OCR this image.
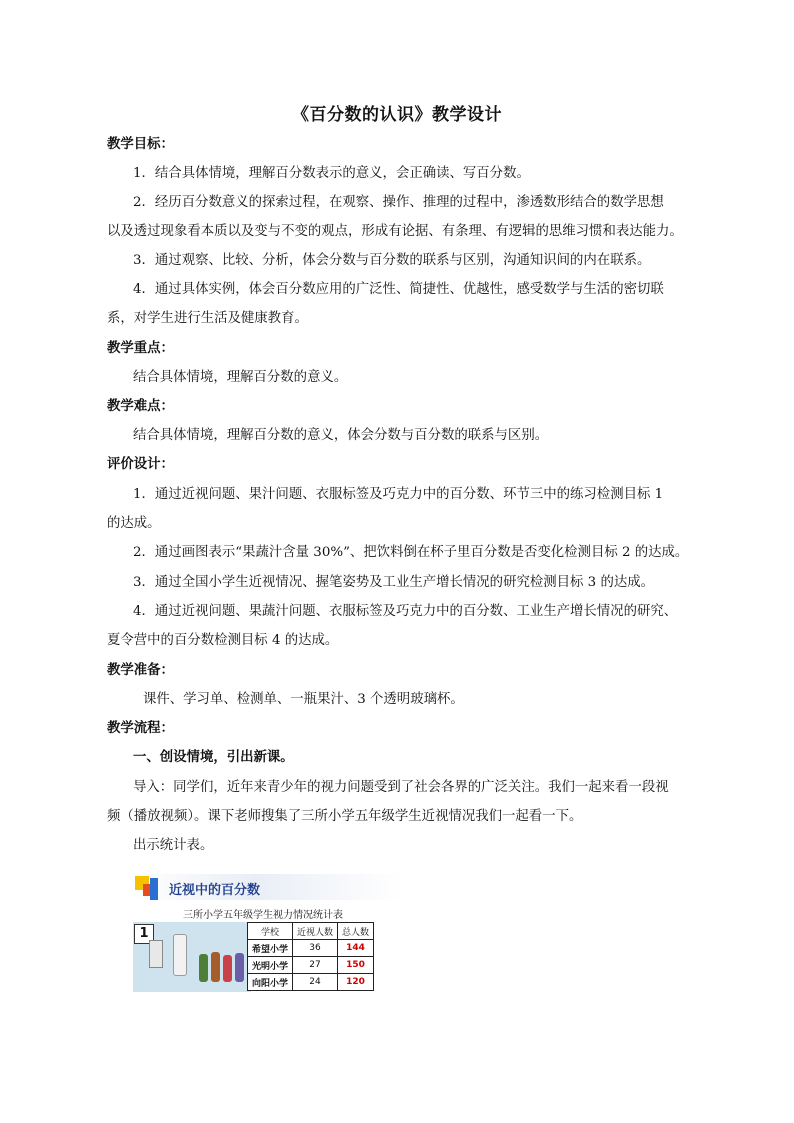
《百分数的认识》教学设计
教学目标：
1．结合具体情境，理解百分数表示的意义，会正确读、写百分数。
2．经历百分数意义的探索过程，在观察、操作、推理的过程中，渗透数形结合的数学思想
以及透过现象看本质以及变与不变的观点，形成有论据、有条理、有逻辑的思维习惯和表达能力。
3．通过观察、比较、分析，体会分数与百分数的联系与区别，沟通知识间的内在联系。
4．通过具体实例，体会百分数应用的广泛性、简捷性、优越性，感受数学与生活的密切联
系，对学生进行生活及健康教育。
教学重点：
结合具体情境，理解百分数的意义。
教学难点：
结合具体情境，理解百分数的意义，体会分数与百分数的联系与区别。
评价设计：
1．通过近视问题、果汁问题、衣服标签及巧克力中的百分数、环节三中的练习检测目标 1
的达成。
2．通过画图表示“果蔬汁含量 30%”、把饮料倒在杯子里百分数是否变化检测目标 2 的达成。
3．通过全国小学生近视情况、握笔姿势及工业生产增长情况的研究检测目标 3 的达成。
4．通过近视问题、果蔬汁问题、衣服标签及巧克力中的百分数、工业生产增长情况的研究、
夏令营中的百分数检测目标 4 的达成。
教学准备：
课件、学习单、检测单、一瓶果汁、3 个透明玻璃杯。
教学流程：
一、创设情境，引出新课。
导入：同学们，近年来青少年的视力问题受到了社会各界的广泛关注。我们一起来看一段视
频（播放视频）。课下老师搜集了三所小学五年级学生近视情况我们一起看一下。
出示统计表。
近视中的百分数
三所小学五年级学生视力情况统计表
1	学校	近视人数	总人数
希望小学	36	144
光明小学	27	150
向阳小学	24	120
